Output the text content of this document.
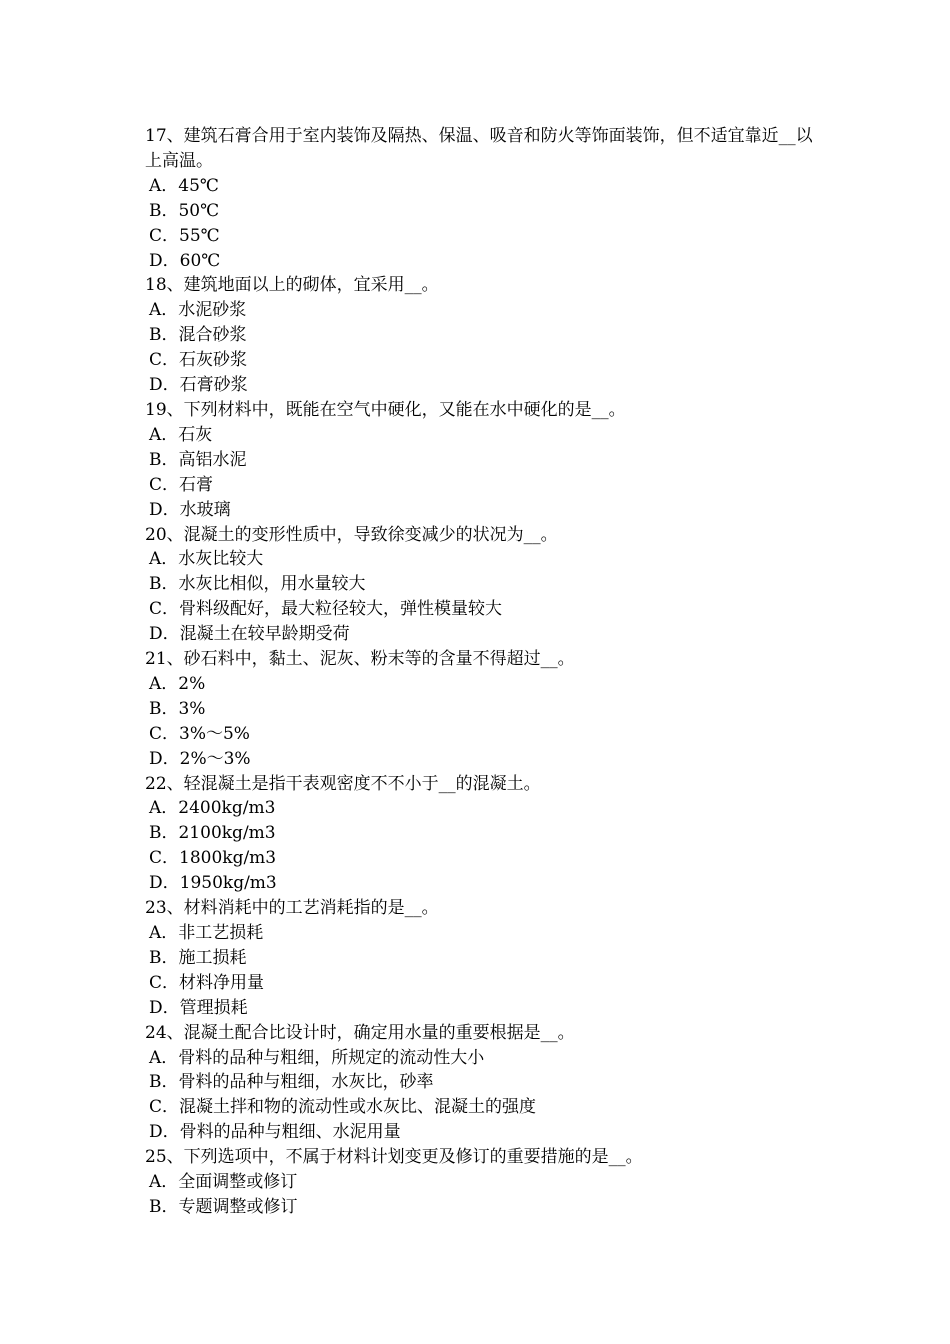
17、建筑石膏合用于室内装饰及隔热、保温、吸音和防火等饰面装饰，但不适宜靠近__以上高温。

A．45℃

B．50℃

C．55℃

D．60℃

18、建筑地面以上的砌体，宜采用__。

A．水泥砂浆

B．混合砂浆

C．石灰砂浆

D．石膏砂浆

19、下列材料中，既能在空气中硬化，又能在水中硬化的是__。

A．石灰

B．高铝水泥

C．石膏

D．水玻璃

20、混凝土的变形性质中，导致徐变减少的状况为__。

A．水灰比较大

B．水灰比相似，用水量较大

C．骨料级配好，最大粒径较大，弹性模量较大

D．混凝土在较早龄期受荷

21、砂石料中，黏土、泥灰、粉末等的含量不得超过__。

A．2%

B．3%

C．3%～5%

D．2%～3%

22、轻混凝土是指干表观密度不不小于__的混凝土。

A．2400kg/m3

B．2100kg/m3

C．1800kg/m3

D．1950kg/m3

23、材料消耗中的工艺消耗指的是__。

A．非工艺损耗

B．施工损耗

C．材料净用量

D．管理损耗

24、混凝土配合比设计时，确定用水量的重要根据是__。

A．骨料的品种与粗细，所规定的流动性大小

B．骨料的品种与粗细，水灰比，砂率

C．混凝土拌和物的流动性或水灰比、混凝土的强度

D．骨料的品种与粗细、水泥用量

25、下列选项中，不属于材料计划变更及修订的重要措施的是__。

A．全面调整或修订

B．专题调整或修订
